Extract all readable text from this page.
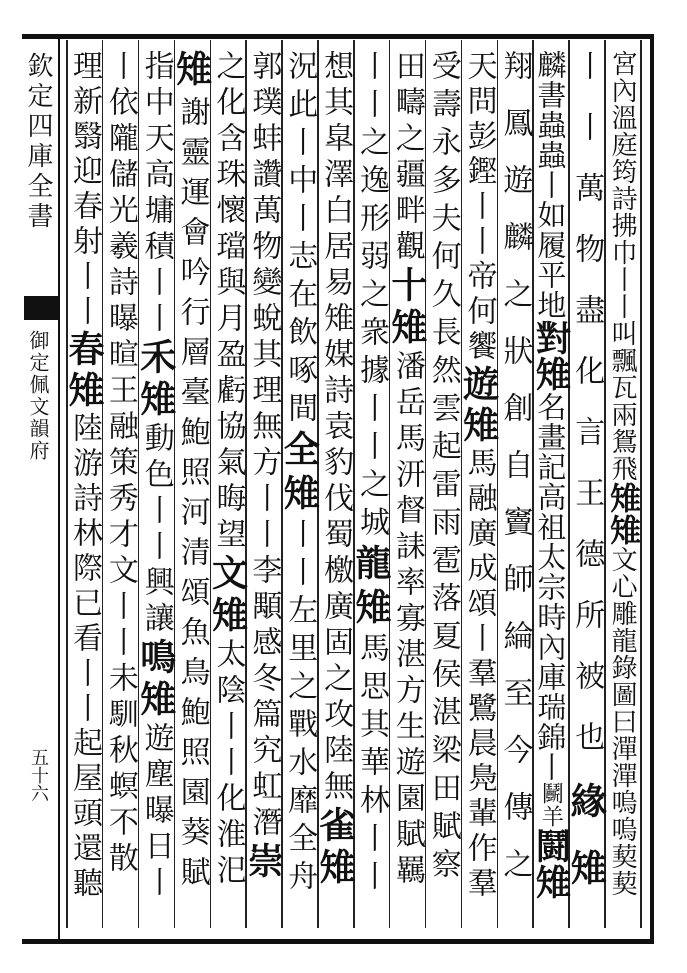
欽定四庫全書
御定佩文韻府
五十六
宮內溫庭筠詩拂巾丨丨叫飄瓦兩鴛飛雉雉文心雕龍錄圖曰潬潬嗚嗚葜葜
丨丨萬物盡化言王德所被也緣雉
麟書蟲蟲丨如履平地對雉名畫記高祖太宗時內庫瑞錦丨鬭羊鬪雉
翔鳳遊麟之狀創自竇師綸至今傳之
天問彭鏗丨丨帝何饗遊雉馬融廣成頌丨羣鷺晨鳧輩作羣
受壽永多夫何久長然雲起雷雨雹落夏侯湛梁田賦察
田疇之疆畔觀十雉潘岳馬汧督誄率寡湛方生遊園賦羈
丨丨之逸形弱之衆據丨丨之城龍雉馬思其華林丨丨
想其皐澤白居易雉媒詩袁豹伐蜀檄廣固之攻陸無雀雉
況此丨中丨志在飲啄間全雉丨丨左里之戰水靡全舟
郭璞蚌讚萬物變蛻其理無方丨丨李顒感冬篇究虹潛崇
之化含珠懷璫與月盈虧協氣晦望文雉太陰丨丨化淮汜
雉謝靈運會吟行層臺鮑照河清頌魚鳥鮑照園葵賦
指中天高墉積丨丨禾雉動色丨丨興讓鳴雉遊塵曝日丨
丨依隴儲光羲詩曝暄王融策秀才文丨丨未馴秋螟不散
理新翳迎春射丨丨春雉陸游詩林際已看丨丨起屋頭還聽
